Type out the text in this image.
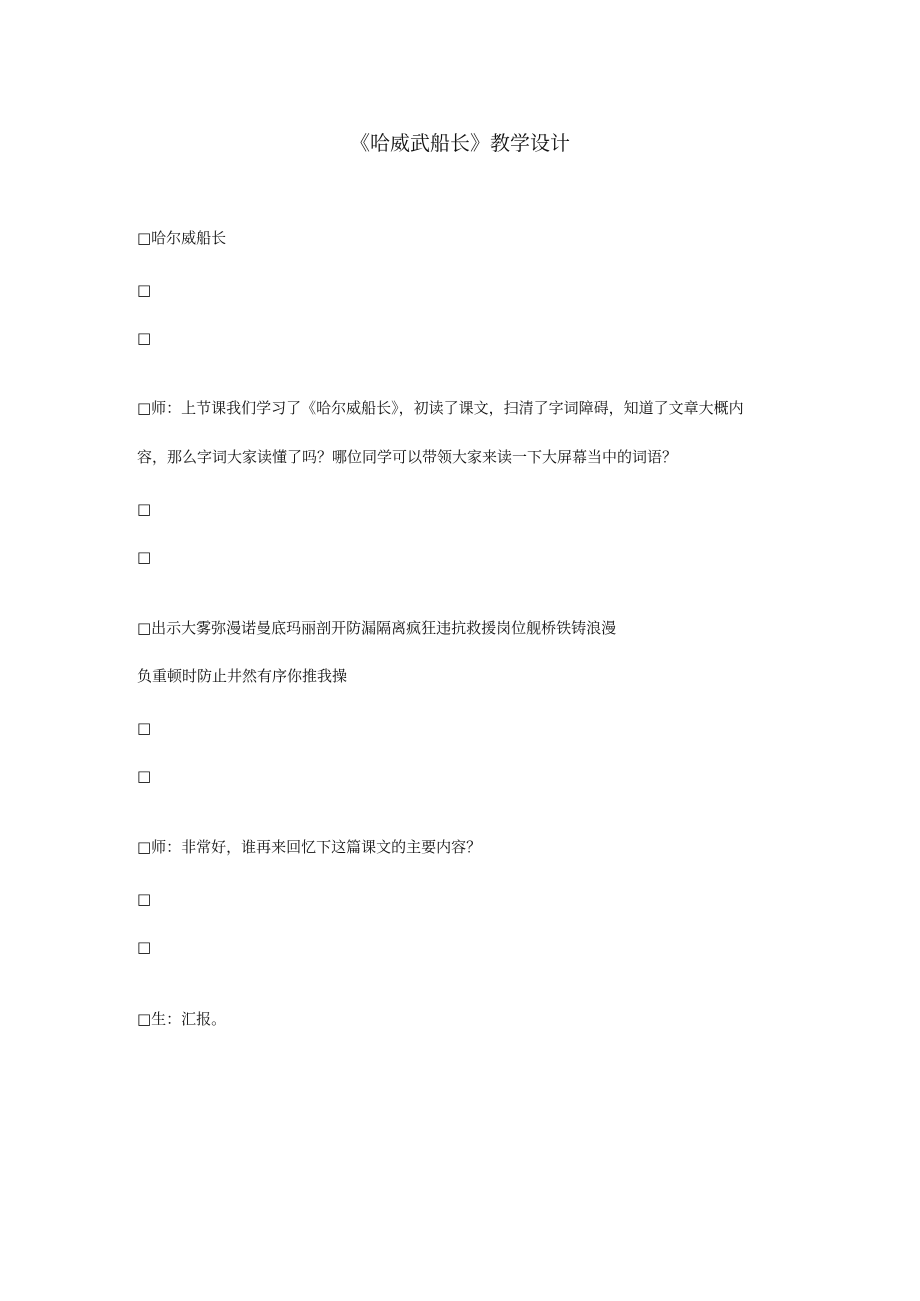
《哈威武船长》教学设计
□哈尔威船长
□
□
□师：上节课我们学习了《哈尔威船长》，初读了课文，扫清了字词障碍，知道了文章大概内
容，那么字词大家读懂了吗？哪位同学可以带领大家来读一下大屏幕当中的词语？
□
□
□出示大雾弥漫诺曼底玛丽剖开防漏隔离疯狂违抗救援岗位舰桥铁铸浪漫
负重顿时防止井然有序你推我操
□
□
□师：非常好，谁再来回忆下这篇课文的主要内容？
□
□
□生：汇报。
